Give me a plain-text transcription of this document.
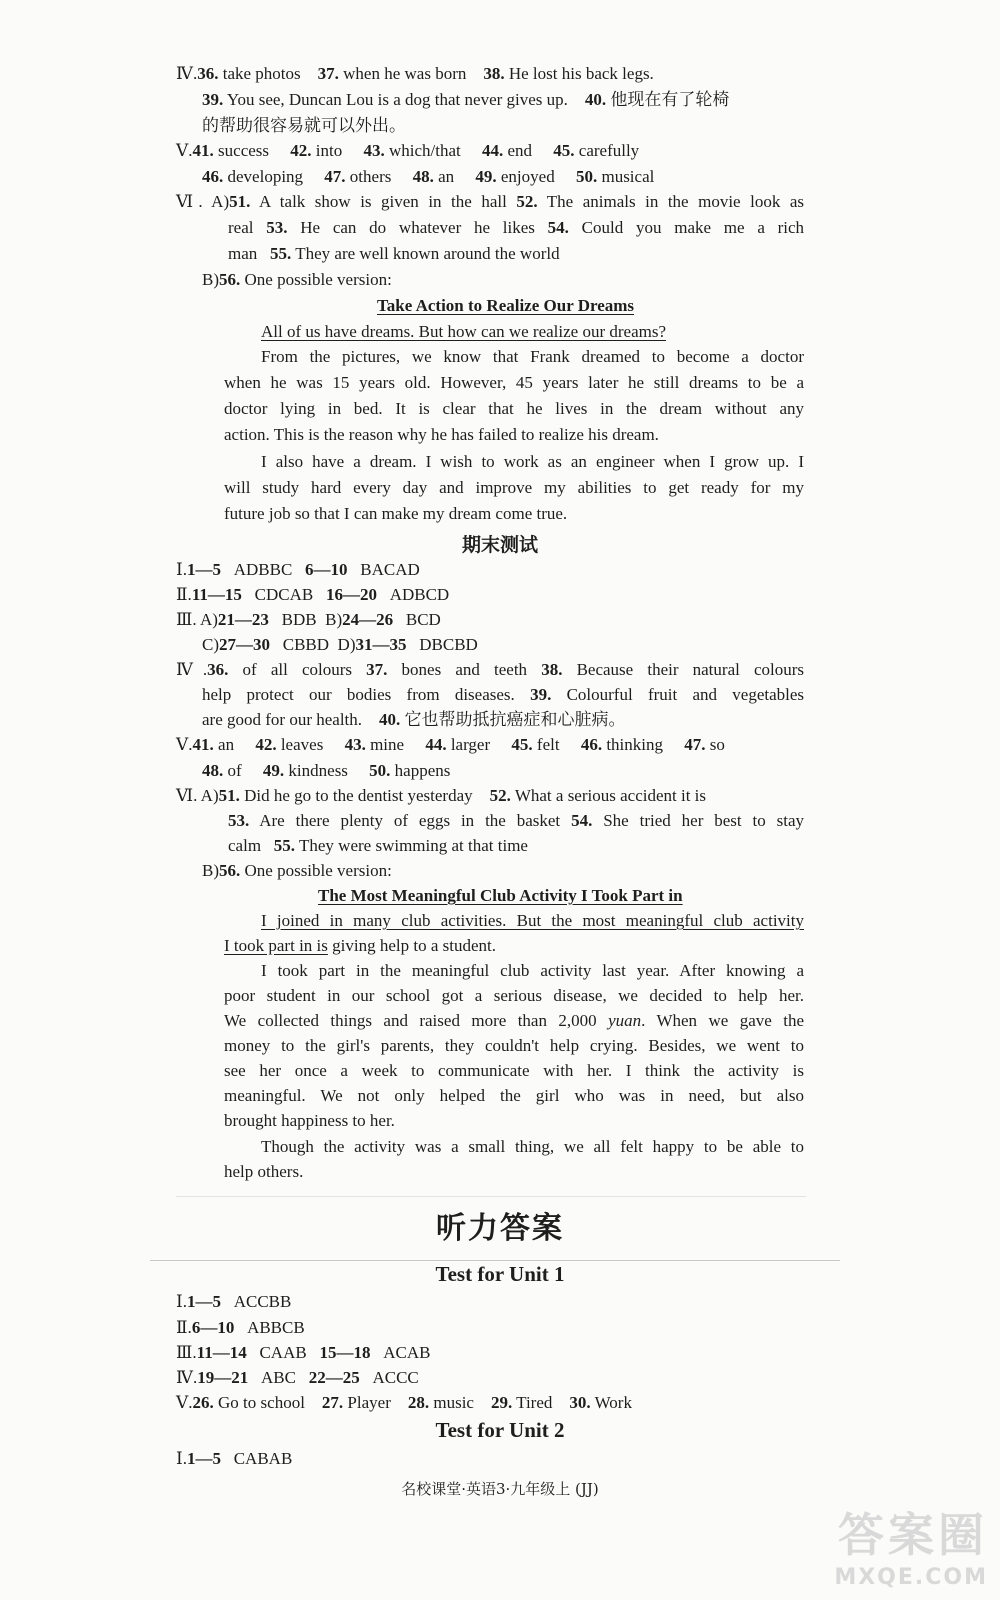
Ⅳ.36. take photos 37. when he was born 38. He lost his back legs.
39. You see, Duncan Lou is a dog that never gives up. 40. 他现在有了轮椅
的帮助很容易就可以外出。
Ⅴ.41. success 42. into 43. which/that 44. end 45. carefully
46. developing 47. others 48. an 49. enjoyed 50. musical
Ⅵ. A)51. A talk show is given in the hall 52. The animals in the movie look as
real 53. He can do whatever he likes 54. Could you make me a rich
man 55. They are well known around the world
B)56. One possible version:
Take Action to Realize Our Dreams
All of us have dreams. But how can we realize our dreams?
From the pictures, we know that Frank dreamed to become a doctor
when he was 15 years old. However, 45 years later he still dreams to be a
doctor lying in bed. It is clear that he lives in the dream without any
action. This is the reason why he has failed to realize his dream.
I also have a dream. I wish to work as an engineer when I grow up. I
will study hard every day and improve my abilities to get ready for my
future job so that I can make my dream come true.
期末测试
Ⅰ.1—5 ADBBC 6—10 BACAD
Ⅱ.11—15 CDCAB 16—20 ADBCD
Ⅲ. A)21—23 BDB B)24—26 BCD
C)27—30 CBBD D)31—35 DBCBD
Ⅳ.36. of all colours 37. bones and teeth 38. Because their natural colours
help protect our bodies from diseases. 39. Colourful fruit and vegetables
are good for our health. 40. 它也帮助抵抗癌症和心脏病。
Ⅴ.41. an 42. leaves 43. mine 44. larger 45. felt 46. thinking 47. so
48. of 49. kindness 50. happens
Ⅵ. A)51. Did he go to the dentist yesterday 52. What a serious accident it is
53. Are there plenty of eggs in the basket 54. She tried her best to stay
calm 55. They were swimming at that time
B)56. One possible version:
The Most Meaningful Club Activity I Took Part in
I joined in many club activities. But the most meaningful club activity
I took part in is giving help to a student.
I took part in the meaningful club activity last year. After knowing a
poor student in our school got a serious disease, we decided to help her.
We collected things and raised more than 2,000 yuan. When we gave the
money to the girl's parents, they couldn't help crying. Besides, we went to
see her once a week to communicate with her. I think the activity is
meaningful. We not only helped the girl who was in need, but also
brought happiness to her.
Though the activity was a small thing, we all felt happy to be able to
help others.
听力答案
Test for Unit 1
Ⅰ.1—5 ACCBB
Ⅱ.6—10 ABBCB
Ⅲ.11—14 CAAB 15—18 ACAB
Ⅳ.19—21 ABC 22—25 ACCC
Ⅴ.26. Go to school 27. Player 28. music 29. Tired 30. Work
Test for Unit 2
Ⅰ.1—5 CABAB
名校课堂·英语3·九年级上 (JJ)
答案圈
MXQE.COM
